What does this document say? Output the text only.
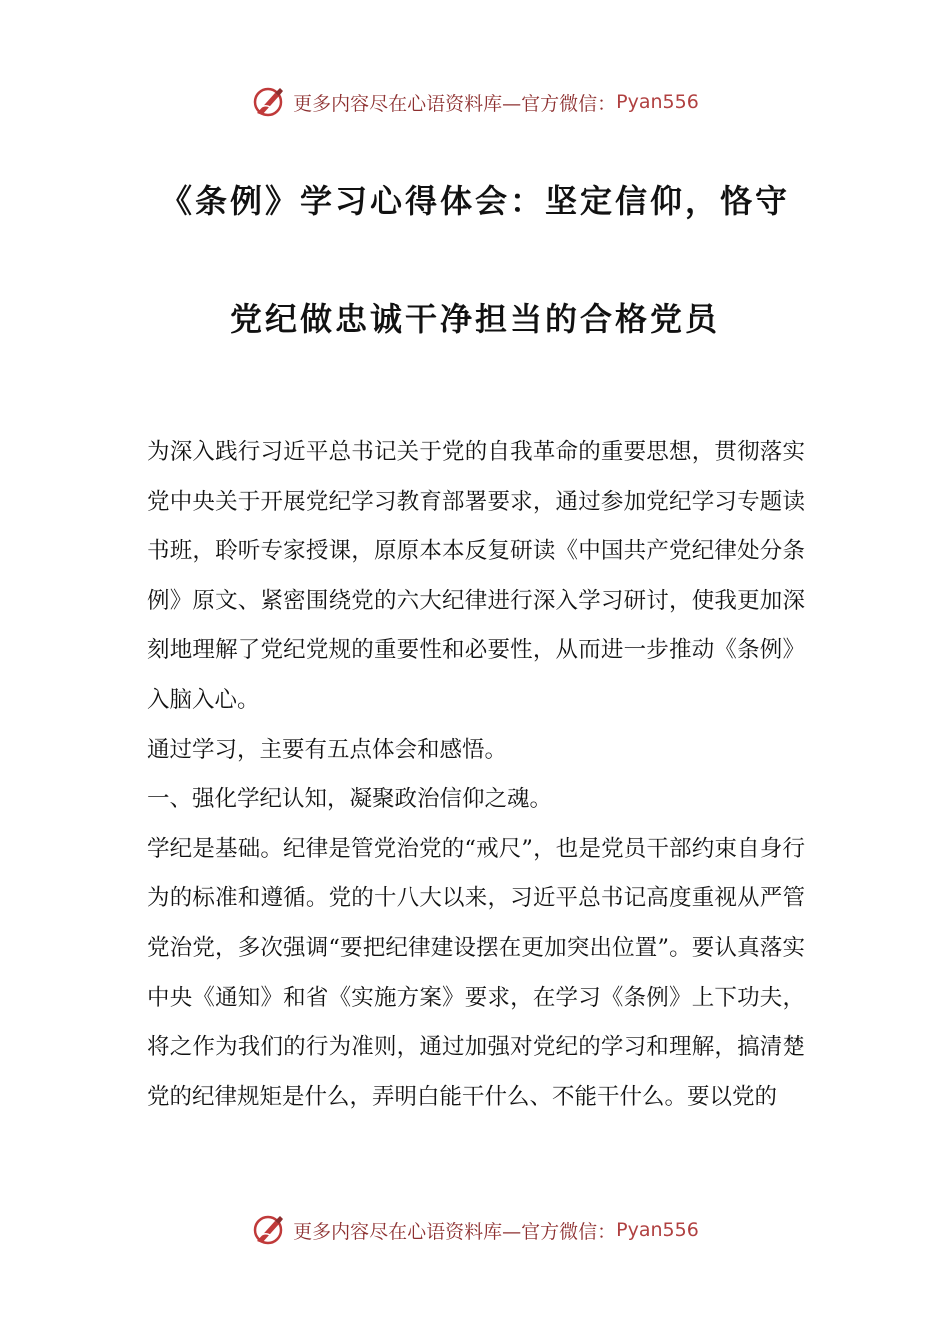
更多内容尽在心语资料库—官方微信： Pyan556
《条例》学习心得体会：坚定信仰，恪守
党纪做忠诚干净担当的合格党员

为深入践行习近平总书记关于党的自我革命的重要思想，贯彻落实党中央关于开展党纪学习教育部署要求，通过参加党纪学习专题读书班，聆听专家授课，原原本本反复研读《中国共产党纪律处分条例》原文、紧密围绕党的六大纪律进行深入学习研讨，使我更加深刻地理解了党纪党规的重要性和必要性，从而进一步推动《条例》入脑入心。

通过学习，主要有五点体会和感悟。

一、强化学纪认知，凝聚政治信仰之魂。

学纪是基础。纪律是管党治党的“戒尺”，也是党员干部约束自身行为的标准和遵循。党的十八大以来，习近平总书记高度重视从严管党治党，多次强调“要把纪律建设摆在更加突出位置”。要认真落实中央《通知》和省《实施方案》要求，在学习《条例》上下功夫，将之作为我们的行为准则，通过加强对党纪的学习和理解，搞清楚党的纪律规矩是什么，弄明白能干什么、不能干什么。要以党的

更多内容尽在心语资料库—官方微信： Pyan556
